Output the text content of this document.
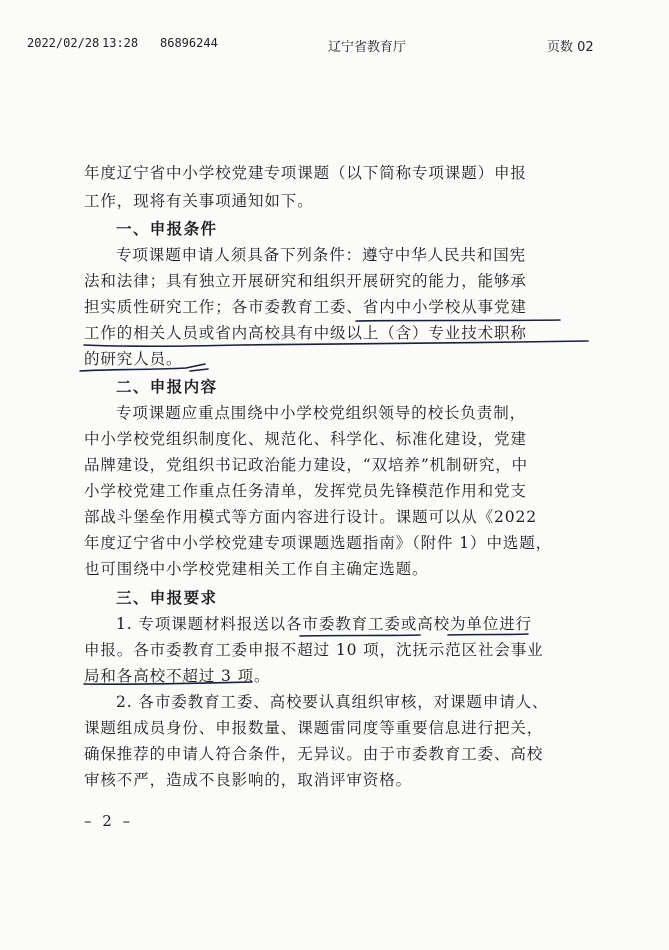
2022/02/28 13:28 86896244	辽宁省教育厅	页数 02
年度辽宁省中小学校党建专项课题（以下简称专项课题）申报
工作，现将有关事项通知如下。
一、申报条件
专项课题申请人须具备下列条件：遵守中华人民共和国宪
法和法律；具有独立开展研究和组织开展研究的能力，能够承
担实质性研究工作；各市委教育工委、省内中小学校从事党建
工作的相关人员或省内高校具有中级以上（含）专业技术职称
的研究人员。
二、申报内容
专项课题应重点围绕中小学校党组织领导的校长负责制，
中小学校党组织制度化、规范化、科学化、标准化建设，党建
品牌建设，党组织书记政治能力建设，“双培养”机制研究，中
小学校党建工作重点任务清单，发挥党员先锋模范作用和党支
部战斗堡垒作用模式等方面内容进行设计。课题可以从《2022
年度辽宁省中小学校党建专项课题选题指南》（附件 1）中选题，
也可围绕中小学校党建相关工作自主确定选题。
三、申报要求
1. 专项课题材料报送以各市委教育工委或高校为单位进行
申报。各市委教育工委申报不超过 10 项，沈抚示范区社会事业
局和各高校不超过 3 项。
2. 各市委教育工委、高校要认真组织审核，对课题申请人、
课题组成员身份、申报数量、课题雷同度等重要信息进行把关，
确保推荐的申请人符合条件，无异议。由于市委教育工委、高校
审核不严，造成不良影响的，取消评审资格。
– 2 –
